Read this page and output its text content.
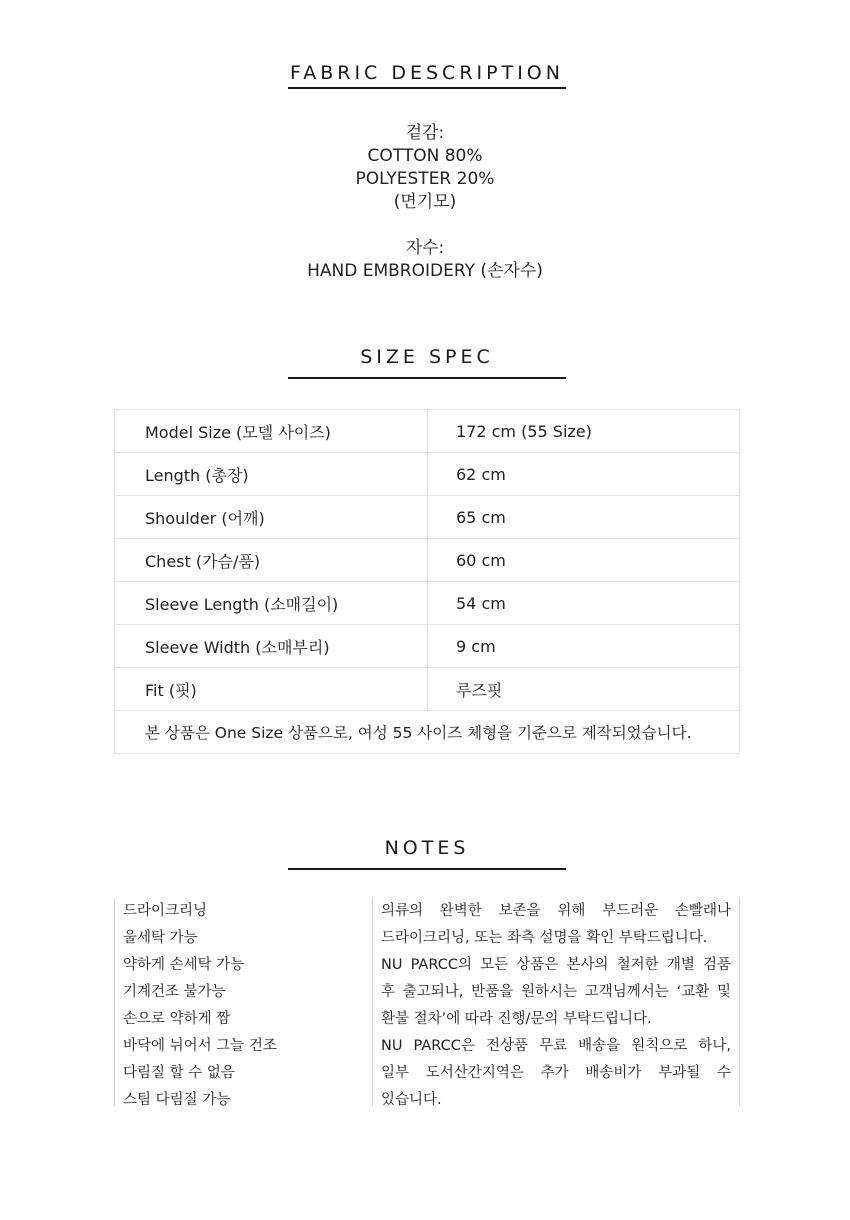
FABRIC DESCRIPTION
겉감:
COTTON 80%
POLYESTER 20%
(면기모)
자수:
HAND EMBROIDERY (손자수)
SIZE SPEC
Model Size (모델 사이즈)	172 cm (55 Size)
Length (총장)	62 cm
Shoulder (어깨)	65 cm
Chest (가슴/품)	60 cm
Sleeve Length (소매길이)	54 cm
Sleeve Width (소매부리)	9 cm
Fit (핏)	루즈핏
본 상품은 One Size 상품으로, 여성 55 사이즈 체형을 기준으로 제작되었습니다.
NOTES
드라이크리닝
울세탁 가능
약하게 손세탁 가능
기계건조 불가능
손으로 약하게 짬
바닥에 뉘어서 그늘 건조
다림질 할 수 없음
스팀 다림질 가능
의류의 완벽한 보존을 위해 부드러운 손빨래나
드라이크리닝, 또는 좌측 설명을 확인 부탁드립니다.
NU PARCC의 모든 상품은 본사의 철저한 개별 검품
후 출고되나, 반품을 원하시는 고객님께서는 ‘교환 및
환불 절차’에 따라 진행/문의 부탁드립니다.
NU PARCC은 전상품 무료 배송을 원칙으로 하나,
일부 도서산간지역은 추가 배송비가 부과될 수
있습니다.
